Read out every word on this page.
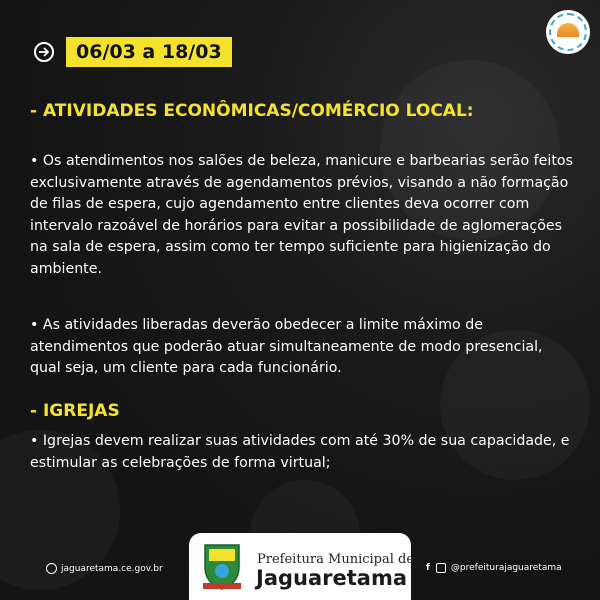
06/03 a 18/03
- ATIVIDADES ECONÔMICAS/COMÉRCIO LOCAL:

• Os atendimentos nos salões de beleza, manicure e barbearias serão feitos exclusivamente através de agendamentos prévios, visando a não formação de filas de espera, cujo agendamento entre clientes deva ocorrer com intervalo razoável de horários para evitar a possibilidade de aglomerações na sala de espera, assim como ter tempo suficiente para higienização do ambiente.

• As atividades liberadas deverão obedecer a limite máximo de atendimentos que poderão atuar simultaneamente de modo presencial, qual seja, um cliente para cada funcionário.

- IGREJAS

• Igrejas devem realizar suas atividades com até 30% de sua capacidade, e estimular as celebrações de forma virtual;

jaguaretama.ce.gov.br	f @prefeiturajaguaretama
Prefeitura Municipal de
Jaguaretama
